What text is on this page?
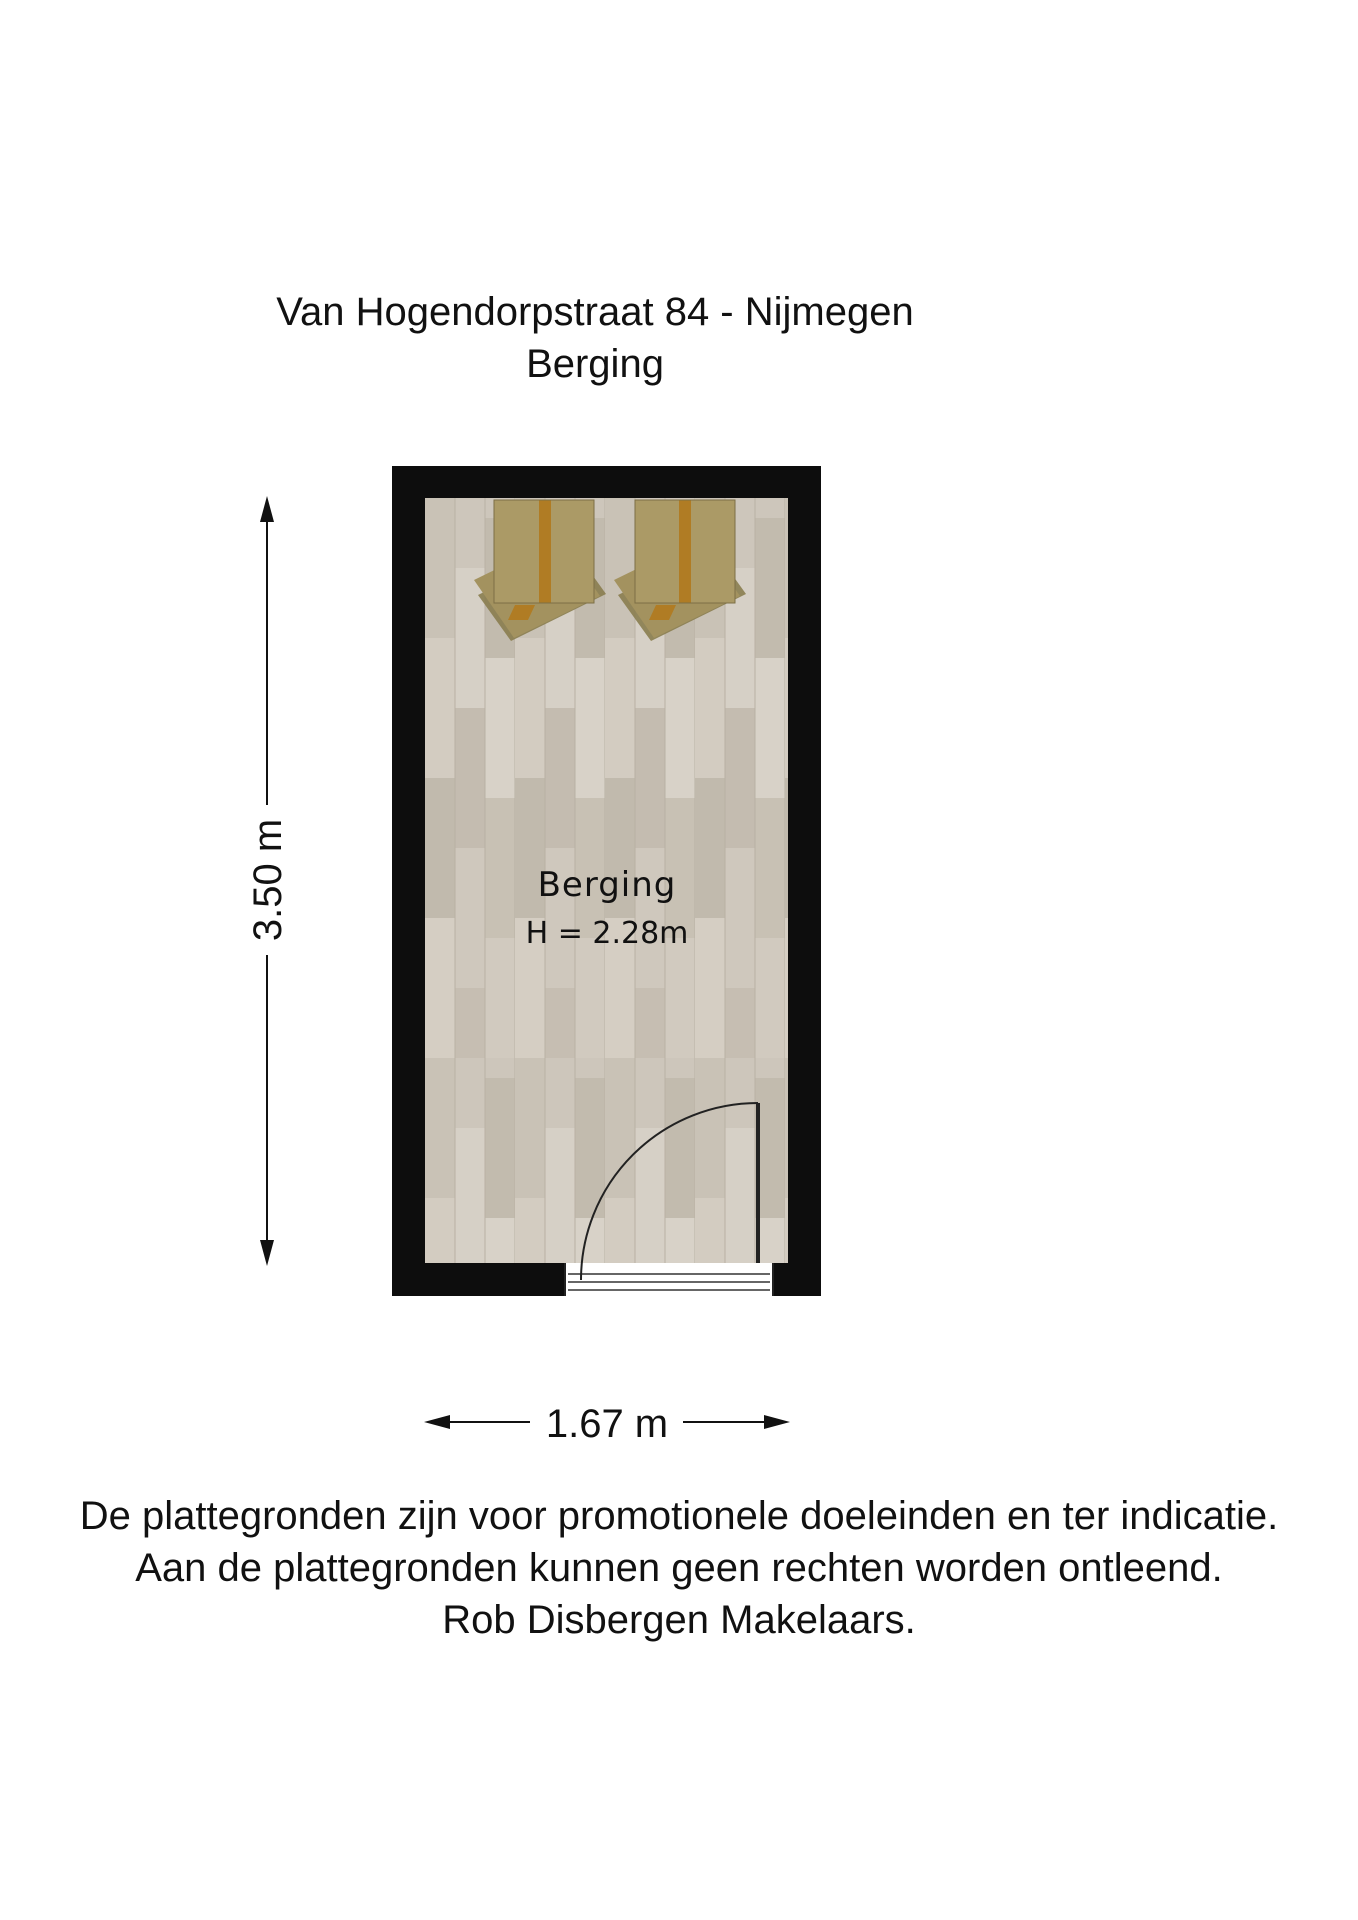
Van Hogendorpstraat 84 - Nijmegen
Berging
Berging
H = 2.28m
3.50 m
1.67 m
De plattegronden zijn voor promotionele doeleinden en ter indicatie.
Aan de plattegronden kunnen geen rechten worden ontleend.
Rob Disbergen Makelaars.
